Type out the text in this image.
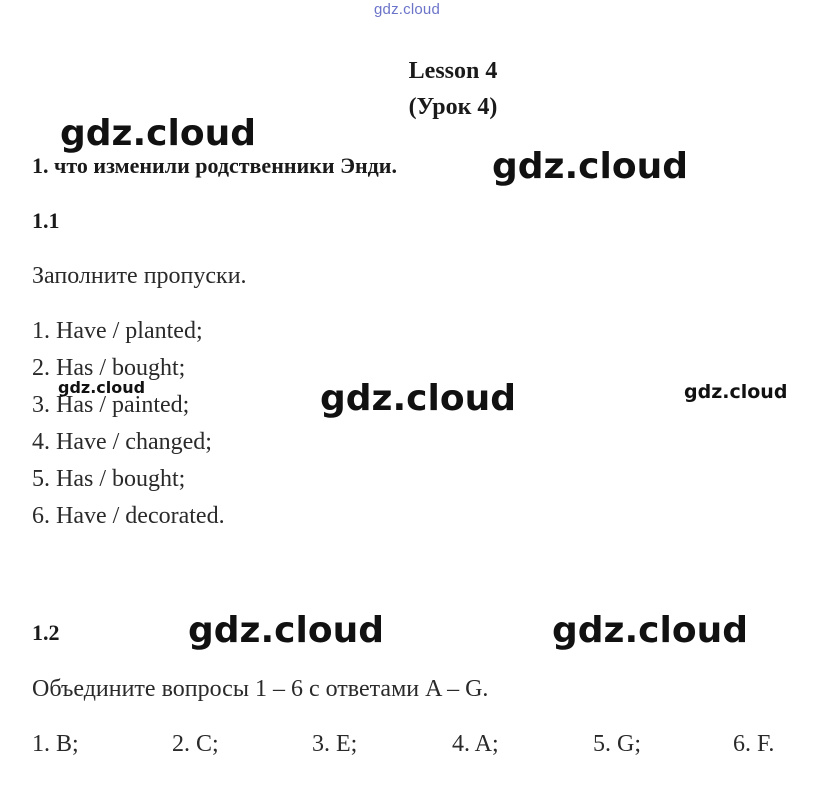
gdz.cloud
Lesson 4
(Урок 4)
1. что изменили родственники Энди.
1.1
Заполните пропуски.
1. Have / planted;
2. Has / bought;
3. Has / painted;
4. Have / changed;
5. Has / bought;
6. Have / decorated.
1.2
Объедините вопросы 1 – 6 с ответами A – G.
1. B;	2. C;	3. E;	4. A;	5. G;	6. F.
gdz.cloud
gdz.cloud
gdz.cloud	gdz.cloud	gdz.cloud
gdz.cloud	gdz.cloud
